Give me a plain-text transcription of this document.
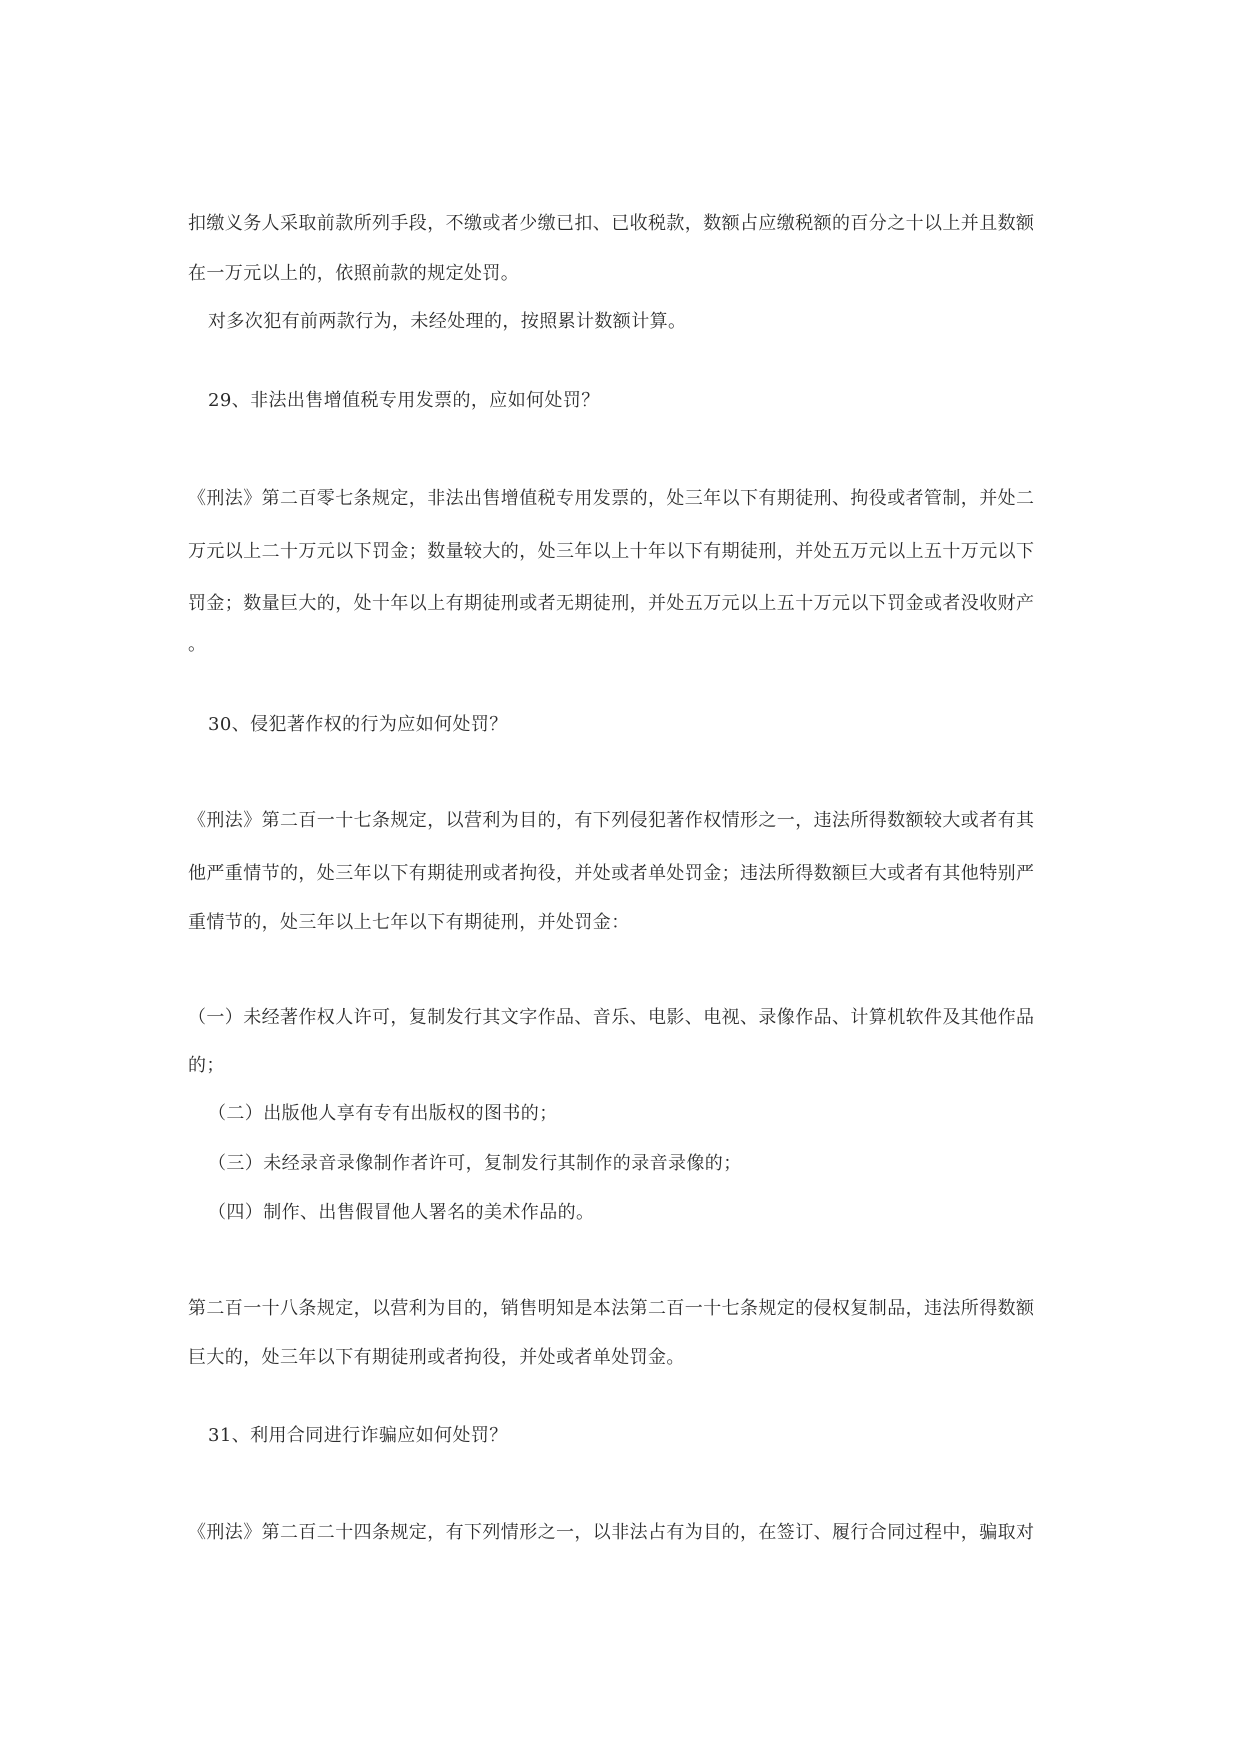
扣缴义务人采取前款所列手段，不缴或者少缴已扣、已收税款，数额占应缴税额的百分之十以上并且数额
在一万元以上的，依照前款的规定处罚。
对多次犯有前两款行为，未经处理的，按照累计数额计算。
29、非法出售增值税专用发票的，应如何处罚？
《刑法》第二百零七条规定，非法出售增值税专用发票的，处三年以下有期徒刑、拘役或者管制，并处二
万元以上二十万元以下罚金；数量较大的，处三年以上十年以下有期徒刑，并处五万元以上五十万元以下
罚金；数量巨大的，处十年以上有期徒刑或者无期徒刑，并处五万元以上五十万元以下罚金或者没收财产
。
30、侵犯著作权的行为应如何处罚？
《刑法》第二百一十七条规定，以营利为目的，有下列侵犯著作权情形之一，违法所得数额较大或者有其
他严重情节的，处三年以下有期徒刑或者拘役，并处或者单处罚金；违法所得数额巨大或者有其他特别严
重情节的，处三年以上七年以下有期徒刑，并处罚金：
（一）未经著作权人许可，复制发行其文字作品、音乐、电影、电视、录像作品、计算机软件及其他作品
的；
（二）出版他人享有专有出版权的图书的；
（三）未经录音录像制作者许可，复制发行其制作的录音录像的；
（四）制作、出售假冒他人署名的美术作品的。
第二百一十八条规定，以营利为目的，销售明知是本法第二百一十七条规定的侵权复制品，违法所得数额
巨大的，处三年以下有期徒刑或者拘役，并处或者单处罚金。
31、利用合同进行诈骗应如何处罚？
《刑法》第二百二十四条规定，有下列情形之一，以非法占有为目的，在签订、履行合同过程中，骗取对
